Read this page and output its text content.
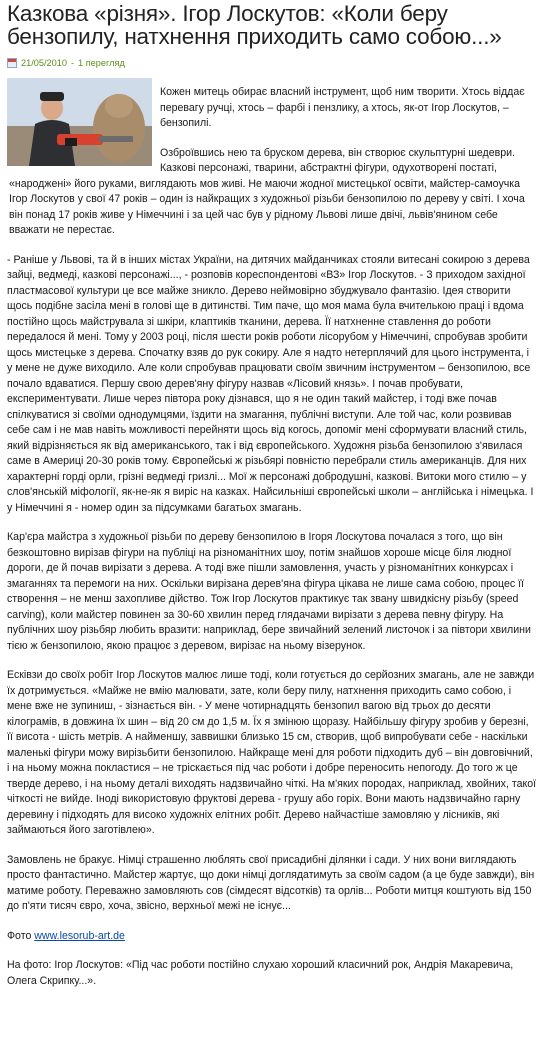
Казкова «різня». Ігор Лоскутов: «Коли беру бензопилу, натхнення приходить само собою...»
21/05/2010 - 1 перегляд

Кожен митець обирає власний інструмент, щоб ним творити. Хтось віддає перевагу ручці, хтось – фарбі і пензлику, а хтось, як-от Ігор Лоскутов, – бензопилі.

Озброївшись нею та бруском дерева, він створює скульптурні шедеври. Казкові персонажі, тварини, абстрактні фігури, одухотворені постаті, «народжені» його руками, виглядають мов живі. Не маючи жодної мистецької освіти, майстер-самоучка Ігор Лоскутов у свої 47 років – один із найкращих з художньої різьби бензопилою по дереву у світі. І хоча він понад 17 років живе у Німеччині і за цей час був у рідному Львові лише двічі, львів'янином себе вважати не перестає.

- Раніше у Львові, та й в інших містах України, на дитячих майданчиках стояли витесані сокирою з дерева зайці, ведмеді, казкові персонажі..., - розповів кореспондентові «ВЗ» Ігор Лоскутов. - З приходом західної пластмасової культури це все майже зникло. Дерево неймовірно збуджувало фантазію. Ідея створити щось подібне засіла мені в голові ще в дитинстві. Тим паче, що моя мама була вчителькою праці і вдома постійно щось майструвала зі шкіри, клаптиків тканини, дерева. Її натхненне ставлення до роботи передалося й мені. Тому у 2003 році, після шести років роботи лісорубом у Німеччині, спробував зробити щось мистецьке з дерева. Спочатку взяв до рук сокиру. Але я надто нетерплячий для цього інструмента, і у мене не дуже виходило. Але коли спробував працювати своїм звичним інструментом – бензопилою, все почало вдаватися. Першу свою дерев'яну фігуру назвав «Лісовий князь». І почав пробувати, експериментувати. Лише через півтора року дізнався, що я не один такий майстер, і тоді вже почав спілкуватися зі своїми однодумцями, їздити на змагання, публічні виступи. Але той час, коли розвивав себе сам і не мав навіть можливості перейняти щось від когось, допоміг мені сформувати власний стиль, який відрізняється як від американського, так і від європейського. Художня різьба бензопилою з'явилася саме в Америці 20-30 років тому. Європейські ж різьбярі повністю перебрали стиль американців. Для них характерні гордi орли, грізні ведмеді гризлі... Мої ж персонажі добродушні, казкові. Витоки мого стилю – у слов'янській міфології, як-не-як я виріс на казках. Найсильніші європейські школи – англійська і німецька. І у Німеччині я - номер один за підсумками багатьох змагань.

Кар'єра майстра з художньої різьби по дереву бензопилою в Ігоря Лоскутова почалася з того, що він безкоштовно вирізав фігури на публіці на різноманітних шоу, потім знайшов хороше місце біля людної дороги, де й почав вирізати з дерева. А тоді вже пішли замовлення, участь у різноманітних конкурсах і змаганнях та перемоги на них. Оскільки вирізана дерев'яна фігура цікава не лише сама собою, процес її створення – не менш захопливе дійство. Тож Ігор Лоскутов практикує так звану швидкісну різьбу (speed carving), коли майстер повинен за 30-60 хвилин перед глядачами вирізати з дерева певну фігуру. На публічних шоу різьбяр любить вразити: наприклад, бере звичайний зелений листочок і за півтори хвилини тією ж бензопилою, якою працює з деревом, вирізає на ньому візерунок.

Есківзи до своїх робіт Ігор Лоскутов малює лише тоді, коли готується до серйозних змагань, але не завжди їх дотримується. «Майже не вмію малювати, зате, коли беру пилу, натхнення приходить само собою, і мене вже не зупиниш, - зізнається він. - У мене чотирнадцять бензопил вагою від трьох до десяти кілограмів, в довжина їх шин – від 20 см до 1,5 м. Їх я змінюю щоразу. Найбільшу фігуру зробив у березні, її висота - шість метрів. А найменшу, заввишки близько 15 см, створив, щоб випробувати себе - наскільки маленькі фігури можу вирізьбити бензопилою. Найкраще мені для роботи підходить дуб – він довговічний, і на ньому можна покластися – не тріскається під час роботи і добре переносить непогоду. До того ж це тверде дерево, і на ньому деталі виходять надзвичайно чіткі. На м'яких породах, наприклад, хвойних, такої чіткості не вийде. Іноді використовую фруктові дерева - грушу або горіх. Вони мають надзвичайно гарну деревину і підходять для високо художніх елітних робіт. Дерево найчастіше замовляю у лісників, які займаються його заготівлею».

Замовлень не бракує. Німці страшенно люблять свої присадибні ділянки і сади. У них вони виглядають просто фантастично. Майстер жартує, що доки німці доглядатимуть за своїм садом (а це буде завжди), він матиме роботу. Переважно замовляють сов (сімдесят відсотків) та орлів... Роботи митця коштують від 150 до п'яти тисяч євро, хоча, звісно, верхньої межі не існує...

Фото www.lesorub-art.de

На фото: Ігор Лоскутов: «Під час роботи постійно слухаю хороший класичний рок, Андрія Макаревича, Олега Скрипку...».
